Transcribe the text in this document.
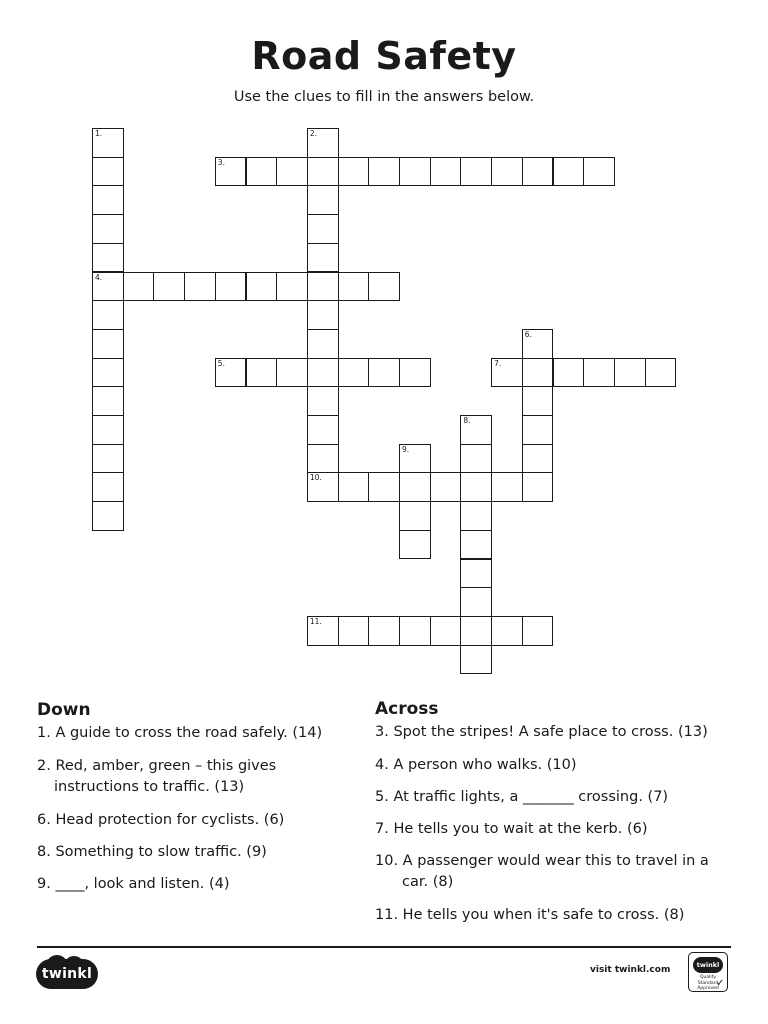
Road Safety
Use the clues to fill in the answers below.
1.
4.
2.
10.
3.
5.
6.
7.
8.
9.
11.
Down
1. A guide to cross the road safely. (14)
2. Red, amber, green – this gives
instructions to traffic. (13)
6. Head protection for cyclists. (6)
8. Something to slow traffic. (9)
9. ____, look and listen. (4)
Across
3. Spot the stripes! A safe place to cross. (13)
4. A person who walks. (10)
5. At traffic lights, a _______ crossing. (7)
7. He tells you to wait at the kerb. (6)
10. A passenger would wear this to travel in a
car. (8)
11. He tells you when it's safe to cross. (8)
twinkl	visit twinkl.com	twinkl
Quality Standard Approved
✓
